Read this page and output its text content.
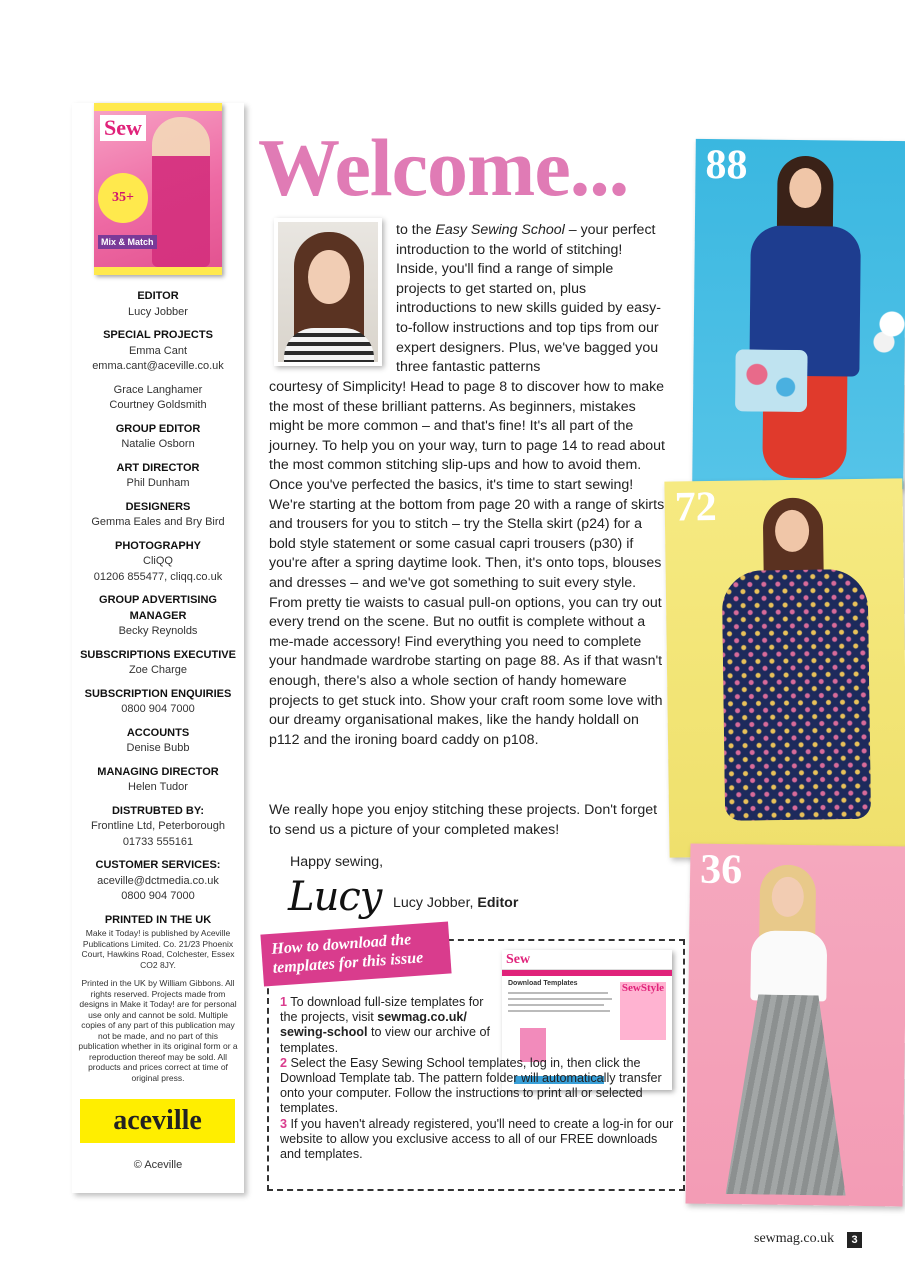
Sew
35+
Mix & Match
EDITOR
Lucy Jobber
SPECIAL PROJECTS
Emma Cant
emma.cant@aceville.co.uk
Grace Langhamer
Courtney Goldsmith
GROUP EDITOR
Natalie Osborn
ART DIRECTOR
Phil Dunham
DESIGNERS
Gemma Eales and Bry Bird
PHOTOGRAPHY
CliQQ
01206 855477, cliqq.co.uk
GROUP ADVERTISING MANAGER
Becky Reynolds
SUBSCRIPTIONS EXECUTIVE
Zoe Charge
SUBSCRIPTION ENQUIRIES
0800 904 7000
ACCOUNTS
Denise Bubb
MANAGING DIRECTOR
Helen Tudor
DISTRUBTED BY:
Frontline Ltd, Peterborough
01733 555161
CUSTOMER SERVICES:
aceville@dctmedia.co.uk
0800 904 7000
PRINTED IN THE UK
Make it Today! is published by Aceville Publications Limited. Co. 21/23 Phoenix Court, Hawkins Road, Colchester, Essex CO2 8JY.
Printed in the UK by William Gibbons. All rights reserved. Projects made from designs in Make it Today! are for personal use only and cannot be sold. Multiple copies of any part of this publication may not be made, and no part of this publication whether in its original form or a reproduction thereof may be sold. All products and prices correct at time of original press.
aceville
© Aceville
Welcome...
to the Easy Sewing School – your perfect introduction to the world of stitching! Inside, you'll find a range of simple projects to get started on, plus introductions to new skills guided by easy-to-follow instructions and top tips from our expert designers. Plus, we've bagged you three fantastic patterns
courtesy of Simplicity! Head to page 8 to discover how to make the most of these brilliant patterns. As beginners, mistakes might be more common – and that's fine! It's all part of the journey. To help you on your way, turn to page 14 to read about the most common stitching slip-ups and how to avoid them. Once you've perfected the basics, it's time to start sewing! We're starting at the bottom from page 20 with a range of skirts and trousers for you to stitch – try the Stella skirt (p24) for a bold style statement or some casual capri trousers (p30) if you're after a spring daytime look. Then, it's onto tops, blouses and dresses – and we've got something to suit every style. From pretty tie waists to casual pull-on options, you can try out every trend on the scene. But no outfit is complete without a me-made accessory! Find everything you need to complete your handmade wardrobe starting on page 88. As if that wasn't enough, there's also a whole section of handy homeware projects to get stuck into. Show your craft room some love with our dreamy organisational makes, like the handy holdall on p112 and the ironing board caddy on p108.
We really hope you enjoy stitching these projects. Don't forget to send us a picture of your completed makes!
Happy sewing,
Lucy Lucy Jobber, Editor
How to download the templates for this issue	Sew
Download Templates	SewStyle
1 To download full-size templates for the projects, visit sewmag.co.uk/ sewing-school to view our archive of templates.
2 Select the Easy Sewing School templates, log in, then click the Download Template tab. The pattern folder will automatically transfer onto your computer. Follow the instructions to print all or selected templates.
3 If you haven't already registered, you'll need to create a log-in for our website to allow you exclusive access to all of our FREE downloads and templates.
88
72
36
sewmag.co.uk	3
